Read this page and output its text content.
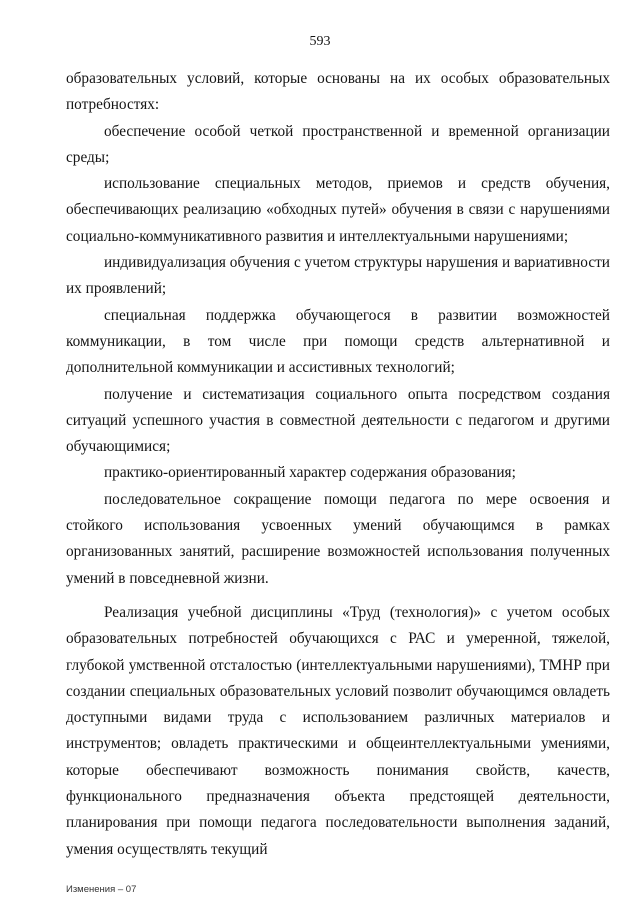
593

образовательных условий, которые основаны на их особых образовательных потребностях:

обеспечение особой четкой пространственной и временной организации среды;

использование специальных методов, приемов и средств обучения, обеспечивающих реализацию «обходных путей» обучения в связи с нарушениями социально-коммуникативного развития и интеллектуальными нарушениями;

индивидуализация обучения с учетом структуры нарушения и вариативности их проявлений;

специальная поддержка обучающегося в развитии возможностей коммуникации, в том числе при помощи средств альтернативной и дополнительной коммуникации и ассистивных технологий;

получение и систематизация социального опыта посредством создания ситуаций успешного участия в совместной деятельности с педагогом и другими обучающимися;

практико-ориентированный характер содержания образования;

последовательное сокращение помощи педагога по мере освоения и стойкого использования усвоенных умений обучающимся в рамках организованных занятий, расширение возможностей использования полученных умений в повседневной жизни.

Реализация учебной дисциплины «Труд (технология)» с учетом особых образовательных потребностей обучающихся с РАС и умеренной, тяжелой, глубокой умственной отсталостью (интеллектуальными нарушениями), ТМНР при создании специальных образовательных условий позволит обучающимся овладеть доступными видами труда с использованием различных материалов и инструментов; овладеть практическими и общеинтеллектуальными умениями, которые обеспечивают возможность понимания свойств, качеств, функционального предназначения объекта предстоящей деятельности, планирования при помощи педагога последовательности выполнения заданий, умения осуществлять текущий

Изменения – 07
